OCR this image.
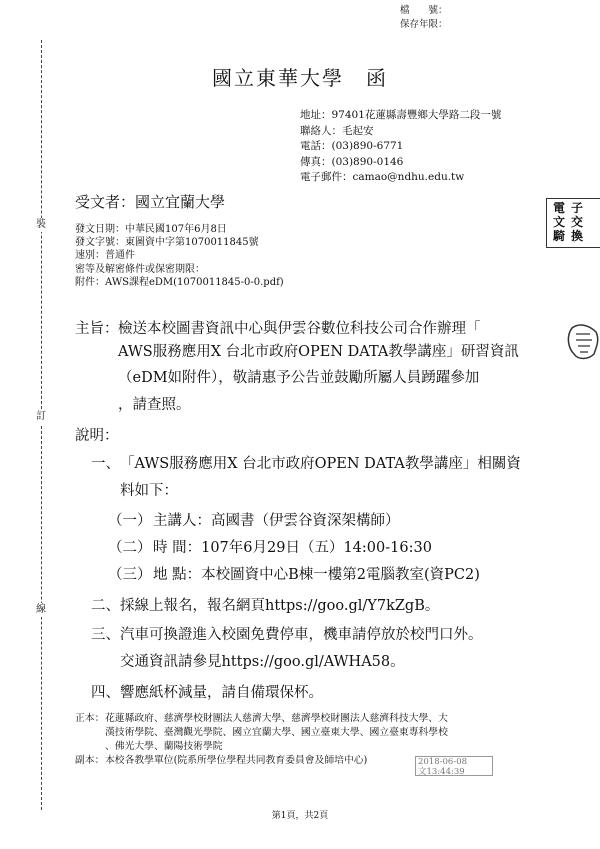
裝
訂
線
檔　　號：
保存年限：
國立東華大學　函
地址：97401花蓮縣壽豐鄉大學路二段一號
聯絡人：毛起安
電話：(03)890-6771
傳真：(03)890-0146
電子郵件：camao@ndhu.edu.tw
電
文
騎
子
交
換
受文者：國立宜蘭大學
發文日期：中華民國107年6月8日
發文字號：東圖資中字第1070011845號
速別：普通件
密等及解密條件或保密期限：
附件：AWS課程eDM(1070011845-0-0.pdf)
主旨： 檢送本校圖書資訊中心與伊雲谷數位科技公司合作辦理「
AWS服務應用X 台北市政府OPEN DATA教學講座」研習資訊
（eDM如附件），敬請惠予公告並鼓勵所屬人員踴躍參加
，請查照。
說明：
一、 「AWS服務應用X 台北市政府OPEN DATA教學講座」相關資
料如下：
（一） 主講人：高國書（伊雲谷資深架構師）
（二） 時 間：107年6月29日（五）14:00-16:30
（三） 地 點：本校圖資中心B棟一樓第2電腦教室(資PC2)
二、 採線上報名，報名網頁https://goo.gl/Y7kZgB。
三、 汽車可換證進入校園免費停車，機車請停放於校門口外。
交通資訊請參見https://goo.gl/AWHA58。
四、 響應紙杯減量，請自備環保杯。
正本： 花蓮縣政府、慈濟學校財團法人慈濟大學、慈濟學校財團法人慈濟科技大學、大
漢技術學院、臺灣觀光學院、國立宜蘭大學、國立臺東大學、國立臺東專科學校
、佛光大學、蘭陽技術學院
副本： 本校各教學單位(院系所學位學程共同教育委員會及師培中心)	2018-06-08
文13:44:39
第1頁，共2頁
